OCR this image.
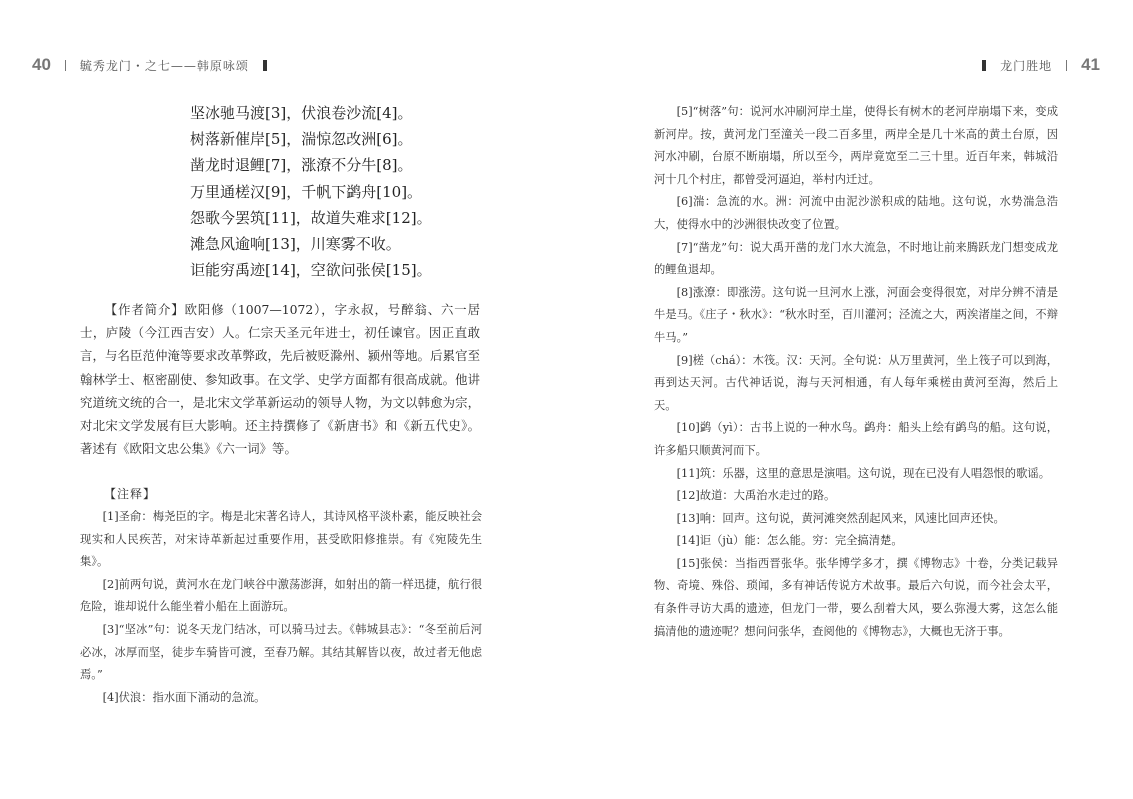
40 毓秀龙门・之七——韩原咏颂
坚冰驰马渡[3]，伏浪卷沙流[4]。
树落新催岸[5]，湍惊忽改洲[6]。
凿龙时退鲤[7]，涨潦不分牛[8]。
万里通槎汉[9]，千帆下鹢舟[10]。
怨歌今罢筑[11]，故道失难求[12]。
滩急风逾响[13]，川寒雾不收。
讵能穷禹迹[14]，空欲问张侯[15]。
【作者简介】欧阳修（1007—1072），字永叔，号醉翁、六一居士，庐陵（今江西吉安）人。仁宗天圣元年进士，初任谏官。因正直敢言，与名臣范仲淹等要求改革弊政，先后被贬滁州、颍州等地。后累官至翰林学士、枢密副使、参知政事。在文学、史学方面都有很高成就。他讲究道统文统的合一，是北宋文学革新运动的领导人物，为文以韩愈为宗，对北宋文学发展有巨大影响。还主持撰修了《新唐书》和《新五代史》。著述有《欧阳文忠公集》《六一词》等。
【注释】
[1]圣俞：梅尧臣的字。梅是北宋著名诗人，其诗风格平淡朴素，能反映社会现实和人民疾苦，对宋诗革新起过重要作用，甚受欧阳修推崇。有《宛陵先生集》。
[2]前两句说，黄河水在龙门峡谷中激荡澎湃，如射出的箭一样迅捷，航行很危险，谁却说什么能坐着小船在上面游玩。
[3]“坚冰”句：说冬天龙门结冰，可以骑马过去。《韩城县志》：“冬至前后河必冰，冰厚而坚，徒步车骑皆可渡，至春乃解。其结其解皆以夜，故过者无他虑焉。”
[4]伏浪：指水面下涌动的急流。
龙门胜地 41
[5]“树落”句：说河水冲刷河岸土崖，使得长有树木的老河岸崩塌下来，变成新河岸。按，黄河龙门至潼关一段二百多里，两岸全是几十米高的黄土台原，因河水冲刷，台原不断崩塌，所以至今，两岸竟宽至二三十里。近百年来，韩城沿河十几个村庄，都曾受河逼迫，举村内迁过。
[6]湍：急流的水。洲：河流中由泥沙淤积成的陆地。这句说，水势湍急浩大，使得水中的沙洲很快改变了位置。
[7]“凿龙”句：说大禹开凿的龙门水大流急，不时地让前来腾跃龙门想变成龙的鲤鱼退却。
[8]涨潦：即涨涝。这句说一旦河水上涨，河面会变得很宽，对岸分辨不清是牛是马。《庄子・秋水》：“秋水时至，百川灌河；泾流之大，两涘渚崖之间，不辩牛马。”
[9]槎（chá）：木筏。汉：天河。全句说：从万里黄河，坐上筏子可以到海，再到达天河。古代神话说，海与天河相通，有人每年乘槎由黄河至海，然后上天。
[10]鹢（yì）：古书上说的一种水鸟。鹢舟：船头上绘有鹢鸟的船。这句说，许多船只顺黄河而下。
[11]筑：乐器，这里的意思是演唱。这句说，现在已没有人唱怨恨的歌谣。
[12]故道：大禹治水走过的路。
[13]响：回声。这句说，黄河滩突然刮起风来，风速比回声还快。
[14]讵（jù）能：怎么能。穷：完全搞清楚。
[15]张侯：当指西晋张华。张华博学多才，撰《博物志》十卷，分类记载异物、奇境、殊俗、琐闻，多有神话传说方术故事。最后六句说，而今社会太平，有条件寻访大禹的遗迹，但龙门一带，要么刮着大风，要么弥漫大雾，这怎么能搞清他的遗迹呢？想问问张华，查阅他的《博物志》，大概也无济于事。
